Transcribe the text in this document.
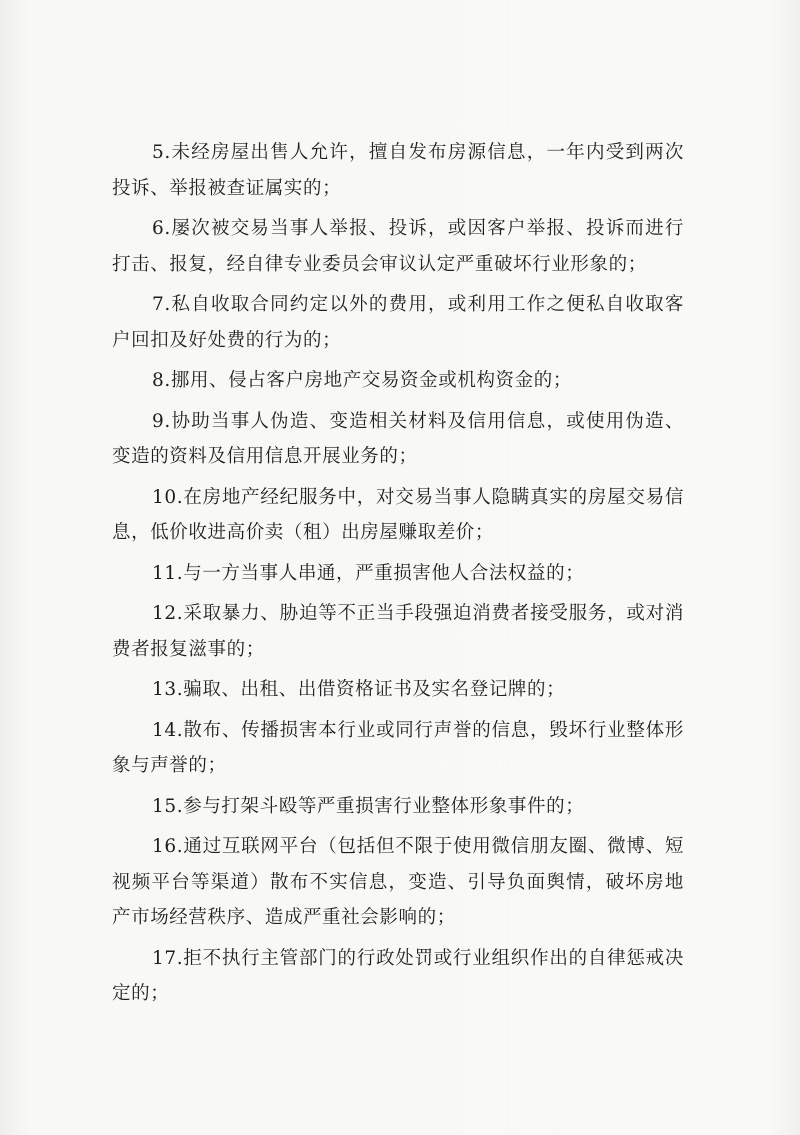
5.未经房屋出售人允许，擅自发布房源信息，一年内受到两次投诉、举报被查证属实的；

6.屡次被交易当事人举报、投诉，或因客户举报、投诉而进行打击、报复，经自律专业委员会审议认定严重破坏行业形象的；

7.私自收取合同约定以外的费用，或利用工作之便私自收取客户回扣及好处费的行为的；

8.挪用、侵占客户房地产交易资金或机构资金的；

9.协助当事人伪造、变造相关材料及信用信息，或使用伪造、变造的资料及信用信息开展业务的；

10.在房地产经纪服务中，对交易当事人隐瞒真实的房屋交易信息，低价收进高价卖（租）出房屋赚取差价；

11.与一方当事人串通，严重损害他人合法权益的；

12.采取暴力、胁迫等不正当手段强迫消费者接受服务，或对消费者报复滋事的；

13.骗取、出租、出借资格证书及实名登记牌的；

14.散布、传播损害本行业或同行声誉的信息，毁坏行业整体形象与声誉的；

15.参与打架斗殴等严重损害行业整体形象事件的；

16.通过互联网平台（包括但不限于使用微信朋友圈、微博、短视频平台等渠道）散布不实信息，变造、引导负面舆情，破坏房地产市场经营秩序、造成严重社会影响的；

17.拒不执行主管部门的行政处罚或行业组织作出的自律惩戒决定的；
